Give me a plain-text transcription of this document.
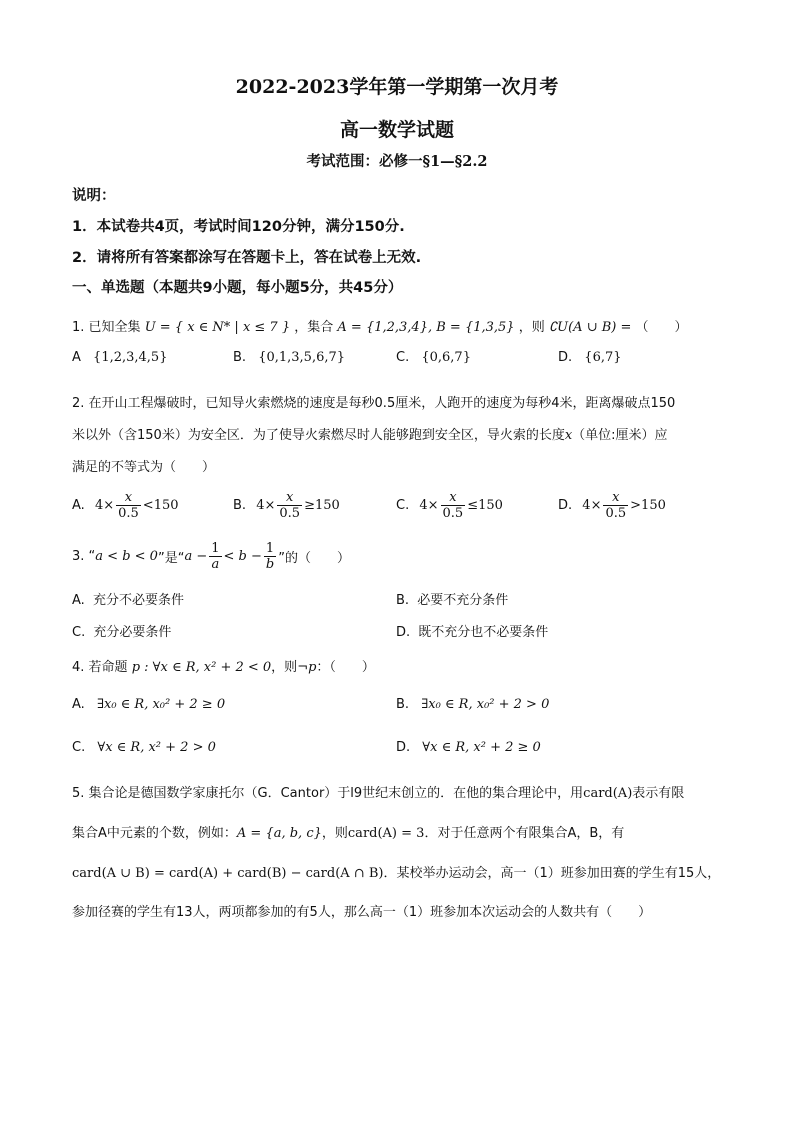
2022-2023学年第一学期第一次月考
高一数学试题
考试范围：必修一§1—§2.2
说明：
1．本试卷共4页，考试时间120分钟，满分150分.
2．请将所有答案都涂写在答题卡上，答在试卷上无效.
一、单选题（本题共9小题，每小题5分，共45分）
1. 已知全集 U = { x ∈ N* | x ≤ 7 } ，集合 A = {1,2,3,4}, B = {1,3,5} ，则 ∁U(A ∪ B) = （　　）
A {1,2,3,4,5}	B. {0,1,3,5,6,7}	C. {0,6,7}	D. {6,7}
2. 在开山工程爆破时，已知导火索燃烧的速度是每秒0.5厘米，人跑开的速度为每秒4米，距离爆破点150
米以外（含150米）为安全区．为了使导火索燃尽时人能够跑到安全区，导火索的长度x（单位:厘米）应
满足的不等式为（　　）
A. $4\times \frac{x}{0.5} <150$	B. $4\times \frac{x}{0.5} \ge 150$	C. $4\times \frac{x}{0.5} \le 150$	D. $4\times \frac{x}{0.5} >150$
3. “a < b < 0”是“$a - \frac{1}{a} < b - \frac{1}{b}$ ”的（　　）
A. 充分不必要条件	B. 必要不充分条件
C. 充分必要条件	D. 既不充分也不必要条件
4. 若命题 p : ∀x ∈ R, x² + 2 < 0，则¬p：（　　）
A. ∃x₀ ∈ R, x₀² + 2 ≥ 0	B. ∃x₀ ∈ R, x₀² + 2 > 0
C. ∀x ∈ R, x² + 2 > 0	D. ∀x ∈ R, x² + 2 ≥ 0
5. 集合论是德国数学家康托尔（G．Cantor）于l9世纪末创立的．在他的集合理论中，用card(A)表示有限
集合A中元素的个数，例如：A = {a, b, c}，则card(A) = 3．对于任意两个有限集合A，B，有
card(A ∪ B) = card(A) + card(B) − card(A ∩ B)．某校举办运动会，高一（1）班参加田赛的学生有15人，
参加径赛的学生有13人，两项都参加的有5人，那么高一（1）班参加本次运动会的人数共有（　　）
